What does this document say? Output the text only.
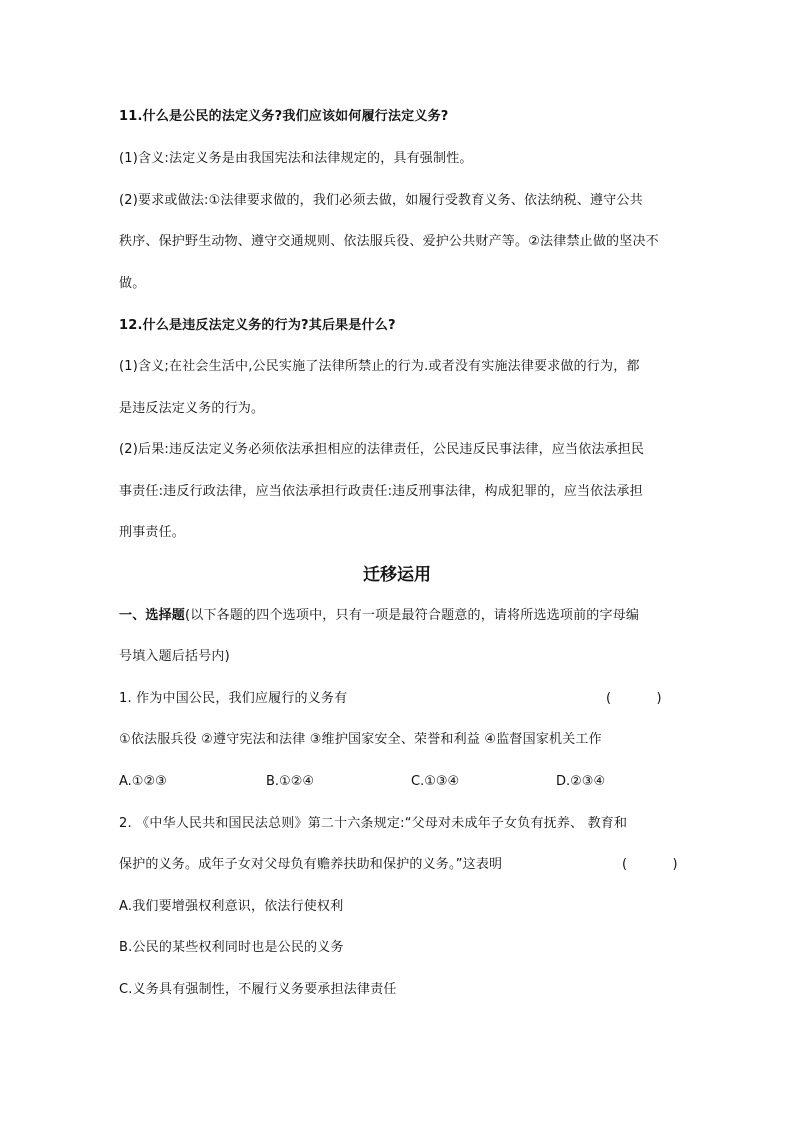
11.什么是公民的法定义务?我们应该如何履行法定义务?
(1)含义:法定义务是由我国宪法和法律规定的，具有强制性。
(2)要求或做法:①法律要求做的，我们必须去做，如履行受教育义务、依法纳税、遵守公共
秩序、保护野生动物、遵守交通规则、依法服兵役、爱护公共财产等。②法律禁止做的坚决不
做。
12.什么是违反法定义务的行为?其后果是什么?
(1)含义;在社会生活中,公民实施了法律所禁止的行为.或者没有实施法律要求做的行为，都
是违反法定义务的行为。
(2)后果:违反法定义务必须依法承担相应的法律责任，公民违反民事法律，应当依法承担民
事责任:违反行政法律，应当依法承担行政责任:违反刑事法律，构成犯罪的，应当依法承担
刑事责任。
迁移运用
一、选择题(以下各题的四个选项中，只有一项是最符合题意的，请将所选选项前的字母编
号填入题后括号内)
1. 作为中国公民，我们应履行的义务有	(           )
①依法服兵役 ②遵守宪法和法律 ③维护国家安全、荣誉和利益 ④监督国家机关工作
A.①②③	B.①②④	C.①③④	D.②③④
2. 《中华人民共和国民法总则》第二十六条规定:“父母对未成年子女负有抚养、 教育和
保护的义务。成年子女对父母负有赡养扶助和保护的义务。”这表明	(           )
A.我们要增强权利意识，依法行使权利
B.公民的某些权利同时也是公民的义务
C.义务具有强制性，不履行义务要承担法律责任
